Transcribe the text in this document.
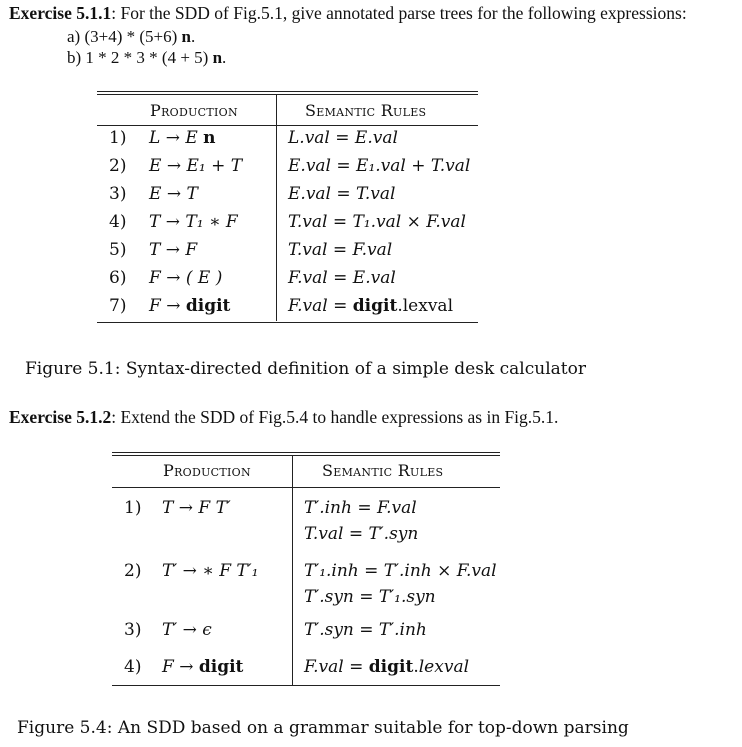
Exercise 5.1.1: For the SDD of Fig.5.1, give annotated parse trees for the following expressions:
a) (3+4) * (5+6) n.
b) 1 * 2 * 3 * (4 + 5) n.
Production	Semantic Rules
1) L → E n	L.val = E.val
2) E → E₁ + T	E.val = E₁.val + T.val
3) E → T	E.val = T.val
4) T → T₁ ∗ F	T.val = T₁.val × F.val
5) T → F	T.val = F.val
6) F → ( E )	F.val = E.val
7) F → digit	F.val = digit.lexval
Figure 5.1: Syntax-directed definition of a simple desk calculator
Exercise 5.1.2: Extend the SDD of Fig.5.4 to handle expressions as in Fig.5.1.
Production	Semantic Rules
1) T → F T′	T′.inh = F.val
T.val = T′.syn
2) T′ → ∗ F T′₁	T′₁.inh = T′.inh × F.val
T′.syn = T′₁.syn
3) T′ → ϵ	T′.syn = T′.inh
4) F → digit	F.val = digit.lexval
Figure 5.4: An SDD based on a grammar suitable for top-down parsing
